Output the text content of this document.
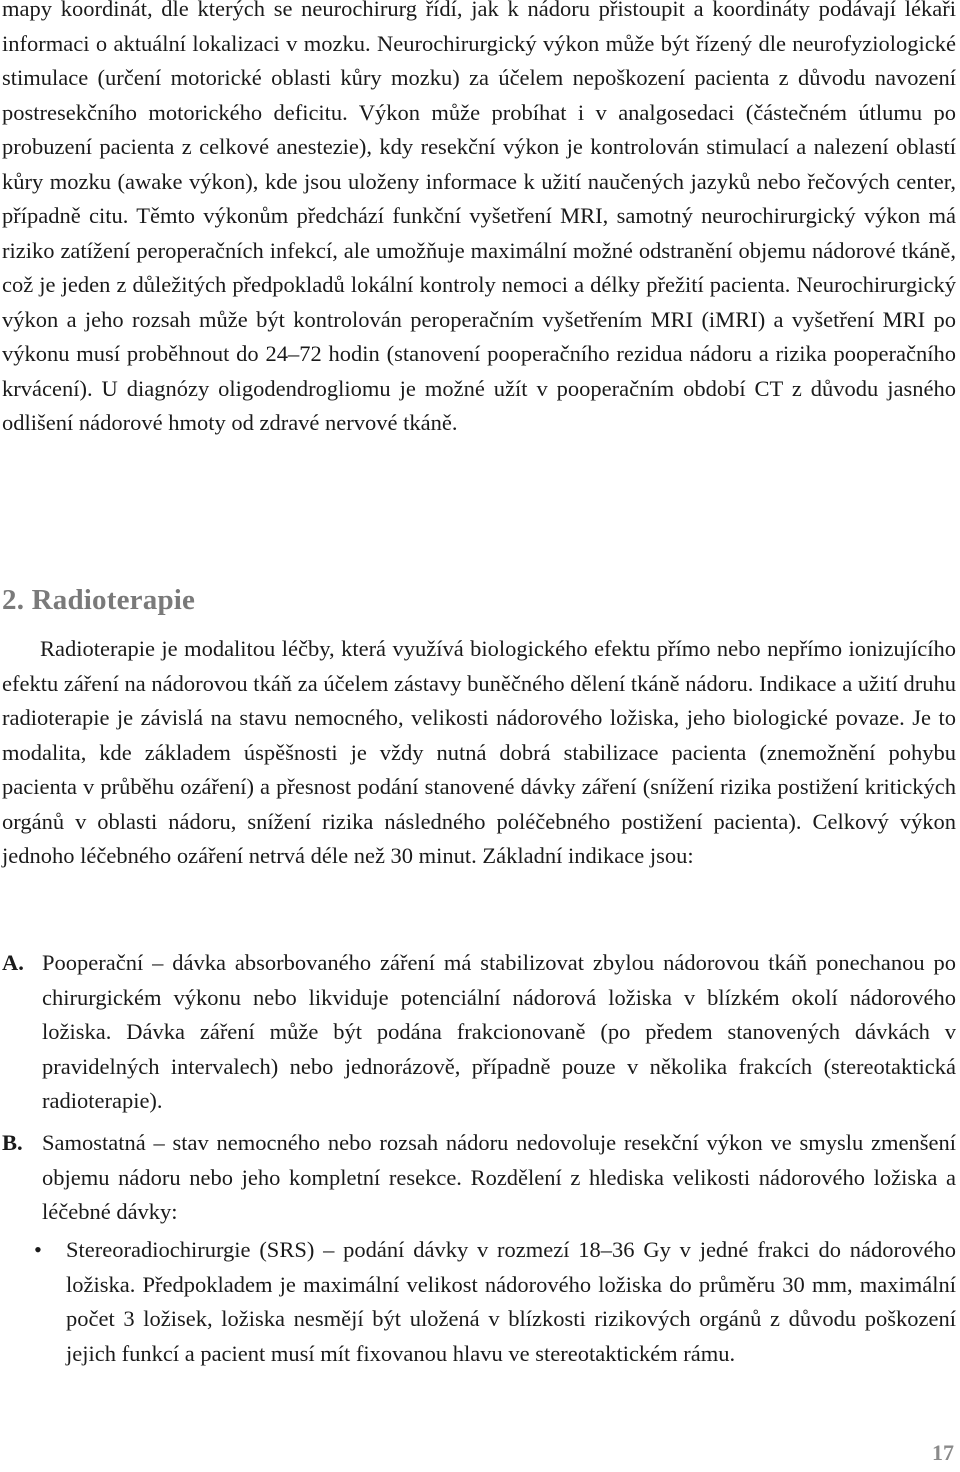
mapy koordinát, dle kterých se neurochirurg řídí, jak k nádoru přistoupit a koordináty podávají lékaři informaci o aktuální lokalizaci v mozku. Neurochirurgický výkon může být řízený dle neurofyziologické stimulace (určení motorické oblasti kůry mozku) za účelem nepoškození pacienta z důvodu navození postresekčního motorického deficitu. Výkon může probíhat i v analgosedaci (částečném útlumu po probuzení pacienta z celkové anestezie), kdy resekční výkon je kontrolován stimulací a nalezení oblastí kůry mozku (awake výkon), kde jsou uloženy informace k užití naučených jazyků nebo řečových center, případně citu. Těmto výkonům předchází funkční vyšetření MRI, samotný neurochirurgický výkon má riziko zatížení peroperačních infekcí, ale umožňuje maximální možné odstranění objemu nádorové tkáně, což je jeden z důležitých předpokladů lokální kontroly nemoci a délky přežití pacienta. Neurochirurgický výkon a jeho rozsah může být kontrolován peroperačním vyšetřením MRI (iMRI) a vyšetření MRI po výkonu musí proběhnout do 24–72 hodin (stanovení pooperačního rezidua nádoru a rizika pooperačního krvácení). U diagnózy oligodendrogliomu je možné užít v pooperačním období CT z důvodu jasného odlišení nádorové hmoty od zdravé nervové tkáně.

2. Radioterapie

Radioterapie je modalitou léčby, která využívá biologického efektu přímo nebo nepřímo ionizujícího efektu záření na nádorovou tkáň za účelem zástavy buněčného dělení tkáně nádoru. Indikace a užití druhu radioterapie je závislá na stavu nemocného, velikosti nádorového ložiska, jeho biologické povaze. Je to modalita, kde základem úspěšnosti je vždy nutná dobrá stabilizace pacienta (znemožnění pohybu pacienta v průběhu ozáření) a přesnost podání stanovené dávky záření (snížení rizika postižení kritických orgánů v oblasti nádoru, snížení rizika následného poléčebného postižení pacienta). Celkový výkon jednoho léčebného ozáření netrvá déle než 30 minut. Základní indikace jsou:

A. Pooperační – dávka absorbovaného záření má stabilizovat zbylou nádorovou tkáň ponechanou po chirurgickém výkonu nebo likviduje potenciální nádorová ložiska v blízkém okolí nádorového ložiska. Dávka záření může být podána frakcionovaně (po předem stanovených dávkách v pravidelných intervalech) nebo jednorázově, případně pouze v několika frakcích (stereotaktická radioterapie).
B. Samostatná – stav nemocného nebo rozsah nádoru nedovoluje resekční výkon ve smyslu zmenšení objemu nádoru nebo jeho kompletní resekce. Rozdělení z hlediska velikosti nádorového ložiska a léčebné dávky:
• Stereoradiochirurgie (SRS) – podání dávky v rozmezí 18–36 Gy v jedné frakci do nádorového ložiska. Předpokladem je maximální velikost nádorového ložiska do průměru 30 mm, maximální počet 3 ložisek, ložiska nesmějí být uložená v blízkosti rizikových orgánů z důvodu poškození jejich funkcí a pacient musí mít fixovanou hlavu ve stereotaktickém rámu.
17
